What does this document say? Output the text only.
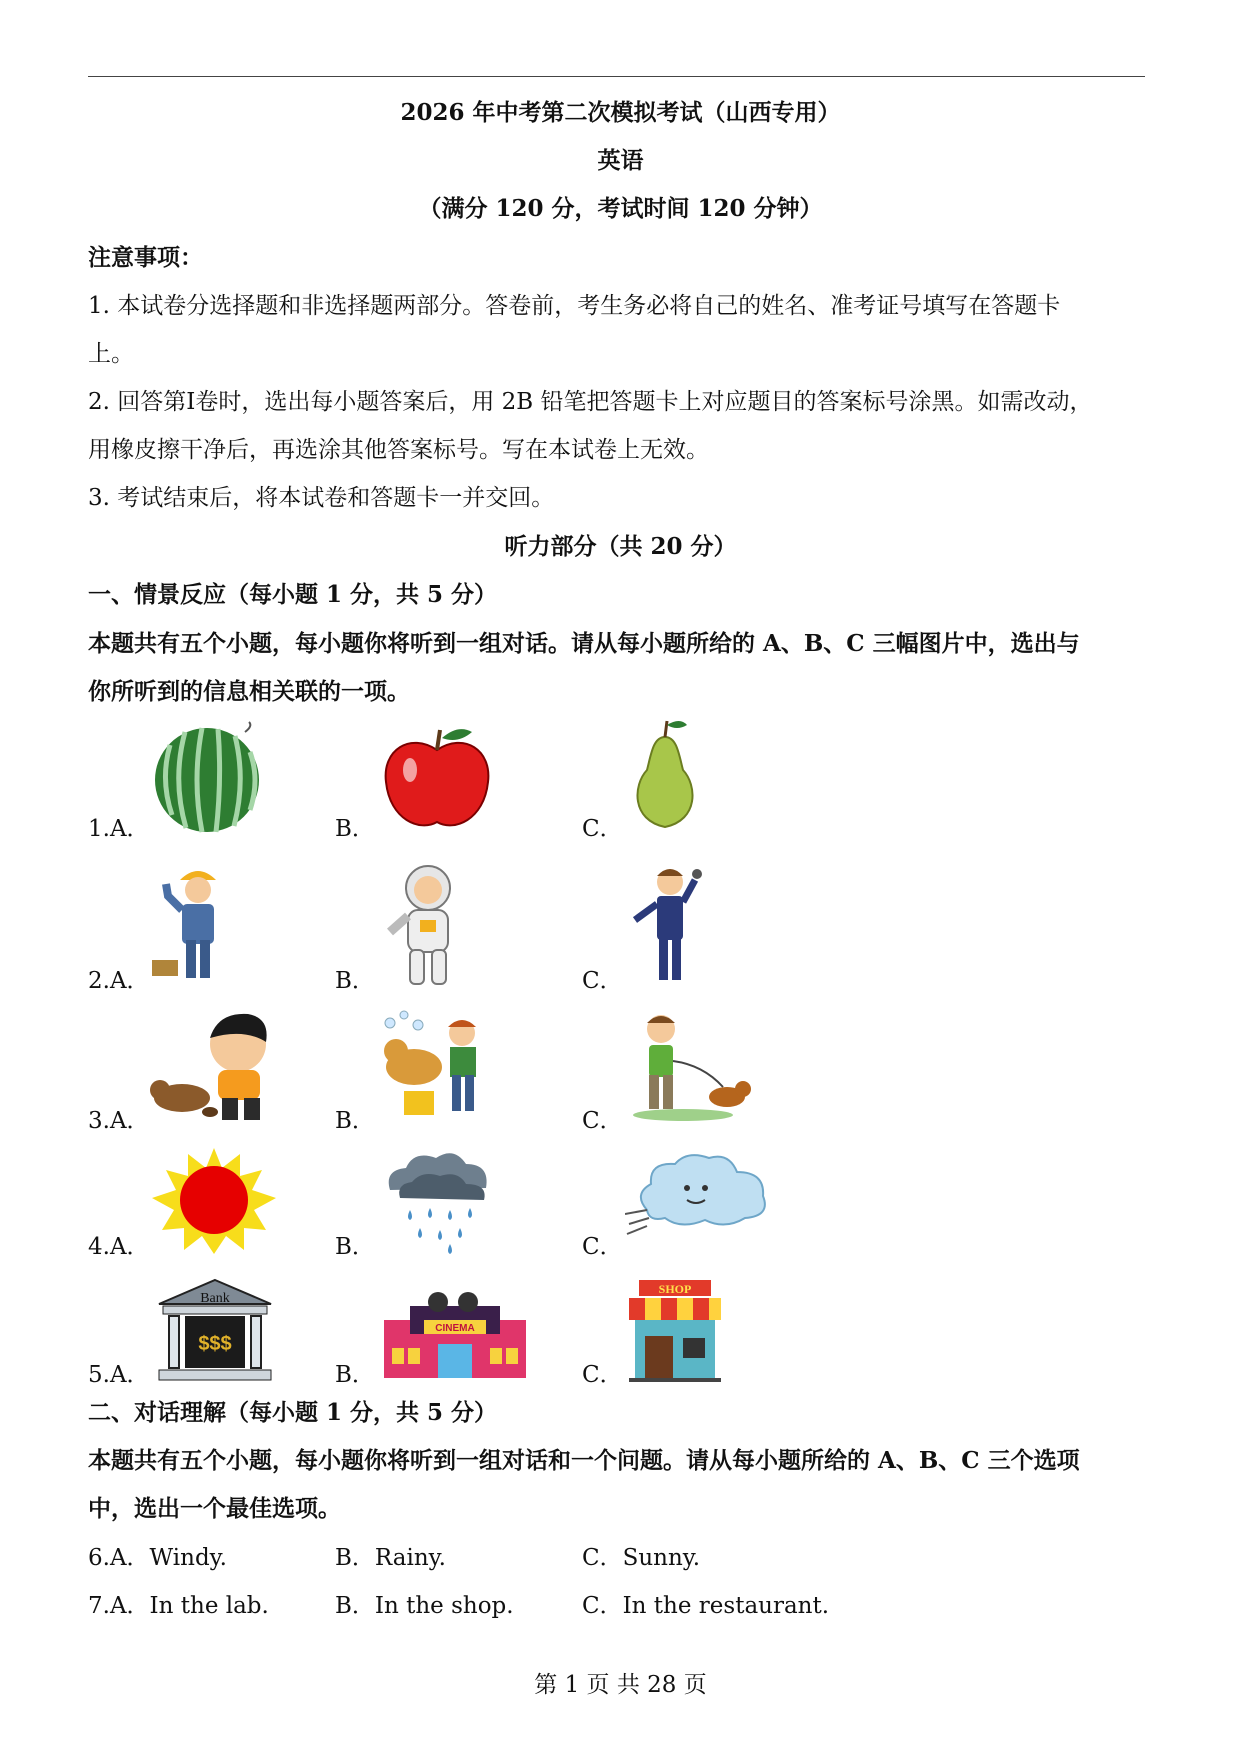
2026 年中考第二次模拟考试（山西专用）
英语
（满分 120 分，考试时间 120 分钟）
注意事项：
1. 本试卷分选择题和非选择题两部分。答卷前，考生务必将自己的姓名、准考证号填写在答题卡
上。
2. 回答第I卷时，选出每小题答案后，用 2B 铅笔把答题卡上对应题目的答案标号涂黑。如需改动，
用橡皮擦干净后，再选涂其他答案标号。写在本试卷上无效。
3. 考试结束后，将本试卷和答题卡一并交回。
听力部分（共 20 分）
一、情景反应（每小题 1 分，共 5 分）
本题共有五个小题，每小题你将听到一组对话。请从每小题所给的 A、B、C 三幅图片中，选出与
你所听到的信息相关联的一项。
1.A．	B．	C．
2.A．	B．	C．
3.A．	B．	C．
4.A．	B．	C．
5.A．	B．	C．
Bank
$$$
CINEMA
SHOP
二、对话理解（每小题 1 分，共 5 分）
本题共有五个小题，每小题你将听到一组对话和一个问题。请从每小题所给的 A、B、C 三个选项
中，选出一个最佳选项。
6.A．Windy.	B．Rainy.	C．Sunny.
7.A．In the lab.	B．In the shop.	C．In the restaurant.
第 1 页 共 28 页
